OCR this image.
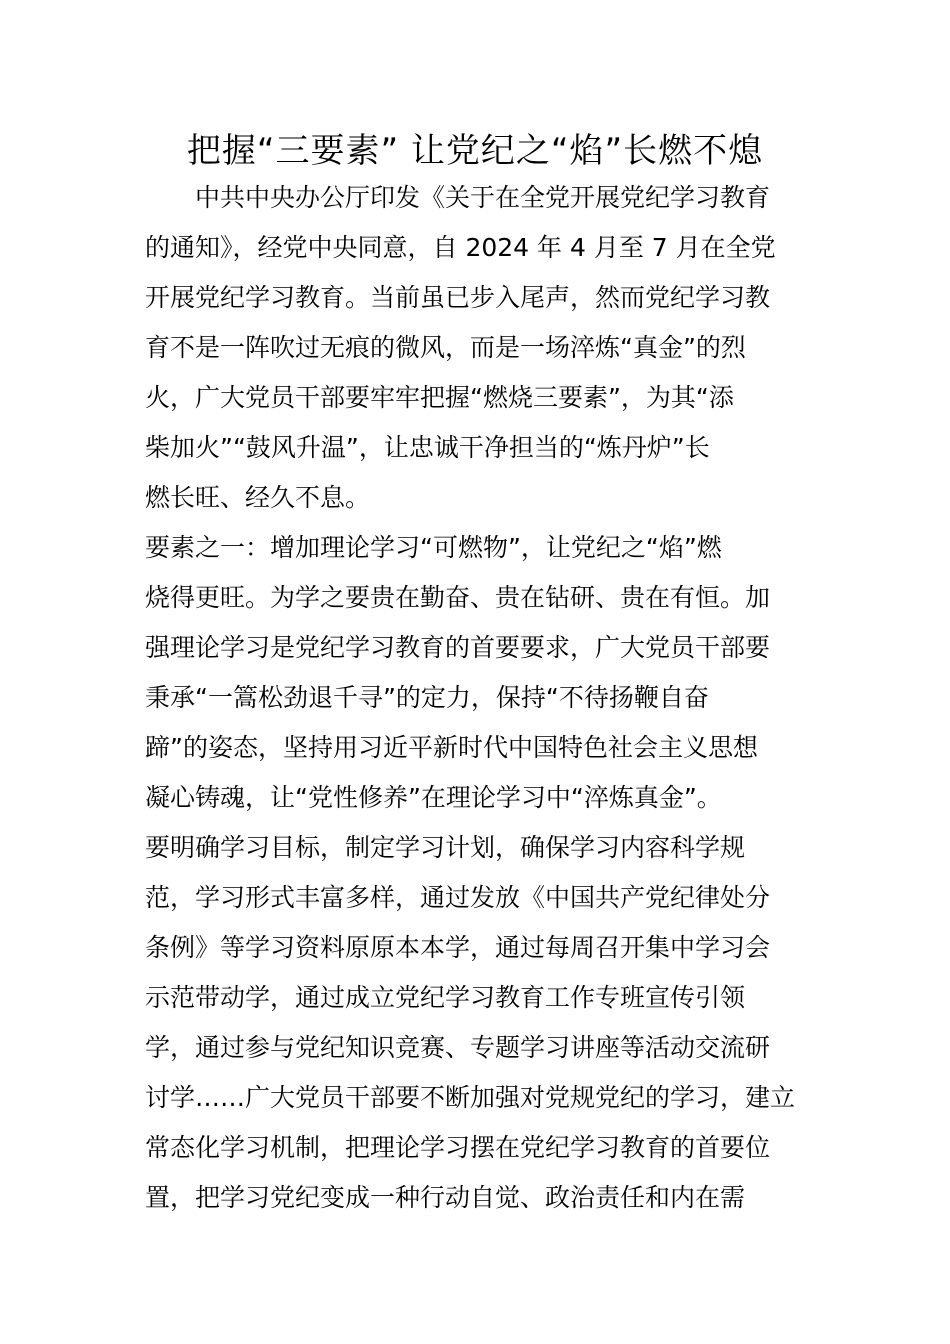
把握“三要素” 让党纪之“焰”长燃不熄
　　中共中央办公厅印发《关于在全党开展党纪学习教育
的通知》，经党中央同意，自 2024 年 4 月至 7 月在全党
开展党纪学习教育。当前虽已步入尾声，然而党纪学习教
育不是一阵吹过无痕的微风，而是一场淬炼“真金”的烈
火，广大党员干部要牢牢把握“燃烧三要素”，为其“添
柴加火”“鼓风升温”，让忠诚干净担当的“炼丹炉”长
燃长旺、经久不息。
要素之一：增加理论学习“可燃物”，让党纪之“焰”燃
烧得更旺。为学之要贵在勤奋、贵在钻研、贵在有恒。加
强理论学习是党纪学习教育的首要要求，广大党员干部要
秉承“一篙松劲退千寻”的定力，保持“不待扬鞭自奋
蹄”的姿态，坚持用习近平新时代中国特色社会主义思想
凝心铸魂，让“党性修养”在理论学习中“淬炼真金”。
要明确学习目标，制定学习计划，确保学习内容科学规
范，学习形式丰富多样，通过发放《中国共产党纪律处分
条例》等学习资料原原本本学，通过每周召开集中学习会
示范带动学，通过成立党纪学习教育工作专班宣传引领
学，通过参与党纪知识竞赛、专题学习讲座等活动交流研
讨学……广大党员干部要不断加强对党规党纪的学习，建立
常态化学习机制，把理论学习摆在党纪学习教育的首要位
置，把学习党纪变成一种行动自觉、政治责任和内在需
